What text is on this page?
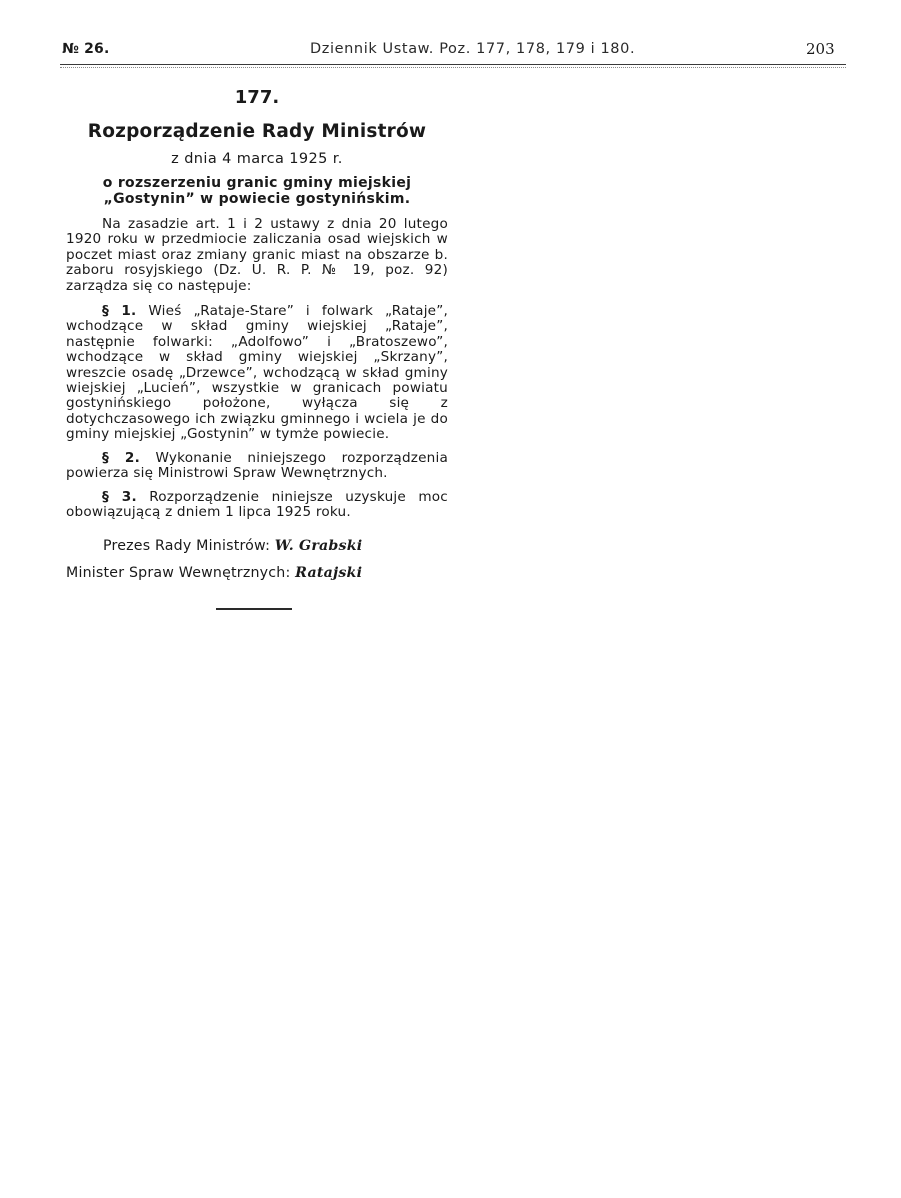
№ 26.	Dziennik Ustaw. Poz. 177, 178, 179 i 180.	203

177.

Rozporządzenie Rady Ministrów

z dnia 4 marca 1925 r.

o rozszerzeniu granic gminy miejskiej „Gostynin” w powiecie gostynińskim.

Na zasadzie art. 1 i 2 ustawy z dnia 20 lutego 1920 roku w przedmiocie zaliczania osad wiejskich w poczet miast oraz zmiany granic miast na obszarze b. zaboru rosyjskiego (Dz. U. R. P. № 19, poz. 92) zarządza się co następuje:

§ 1. Wieś „Rataje-Stare” i folwark „Rataje”, wchodzące w skład gminy wiejskiej „Rataje”, następnie folwarki: „Adolfowo” i „Bratoszewo”, wchodzące w skład gminy wiejskiej „Skrzany”, wreszcie osadę „Drzewce”, wchodzącą w skład gminy wiejskiej „Lucień”, wszystkie w granicach powiatu gostynińskiego położone, wyłącza się z dotychczasowego ich związku gminnego i wciela je do gminy miejskiej „Gostynin” w tymże powiecie.

§ 2. Wykonanie niniejszego rozporządzenia powierza się Ministrowi Spraw Wewnętrznych.

§ 3. Rozporządzenie niniejsze uzyskuje moc obowiązującą z dniem 1 lipca 1925 roku.

Prezes Rady Ministrów: W. Grabski

Minister Spraw Wewnętrznych: Ratajski
